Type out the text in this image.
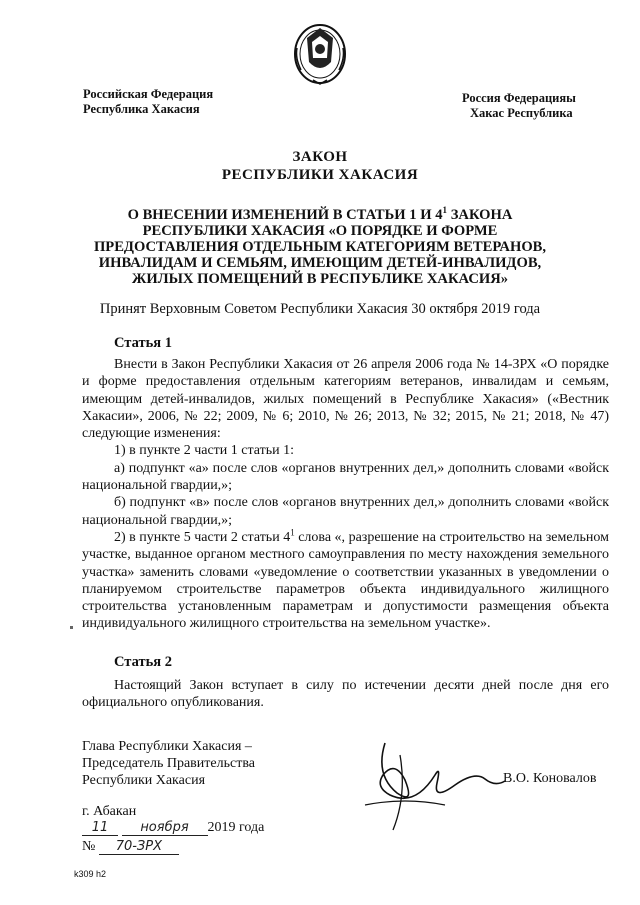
Российская Федерация
Республика Хакасия
Россия Федерацияы
Хакас Республика
ЗАКОН
РЕСПУБЛИКИ ХАКАСИЯ
О ВНЕСЕНИИ ИЗМЕНЕНИЙ В СТАТЬИ 1 И $4^1$ ЗАКОНА
РЕСПУБЛИКИ ХАКАСИЯ «О ПОРЯДКЕ И ФОРМЕ
ПРЕДОСТАВЛЕНИЯ ОТДЕЛЬНЫМ КАТЕГОРИЯМ ВЕТЕРАНОВ,
ИНВАЛИДАМ И СЕМЬЯМ, ИМЕЮЩИМ ДЕТЕЙ-ИНВАЛИДОВ,
ЖИЛЫХ ПОМЕЩЕНИЙ В РЕСПУБЛИКЕ ХАКАСИЯ»
Принят Верховным Советом Республики Хакасия 30 октября 2019 года
Статья 1
Внести в Закон Республики Хакасия от 26 апреля 2006 года № 14-ЗРХ «О порядке и форме предоставления отдельным категориям ветеранов, инвалидам и семьям, имеющим детей-инвалидов, жилых помещений в Республике Хакасия» («Вестник Хакасии», 2006, № 22; 2009, № 6; 2010, № 26; 2013, № 32; 2015, № 21; 2018, № 47) следующие изменения:
1) в пункте 2 части 1 статьи 1:
а) подпункт «а» после слов «органов внутренних дел,» дополнить словами «войск национальной гвардии,»;
б) подпункт «в» после слов «органов внутренних дел,» дополнить словами «войск национальной гвардии,»;
2) в пункте 5 части 2 статьи $4^1$ слова «, разрешение на строительство на земельном участке, выданное органом местного самоуправления по месту нахождения земельного участка» заменить словами «уведомление о соответствии указанных в уведомлении о планируемом строительстве параметров объекта индивидуального жилищного строительства установленным параметрам и допустимости размещения объекта индивидуального жилищного строительства на земельном участке».
Статья 2
Настоящий Закон вступает в силу по истечении десяти дней после дня его официального опубликования.
Глава Республики Хакасия –
Председатель Правительства
Республики Хакасия	В.О. Коновалов
г. Абакан
11 ноября 2019 года
№ 70-ЗРХ
k309 h2
